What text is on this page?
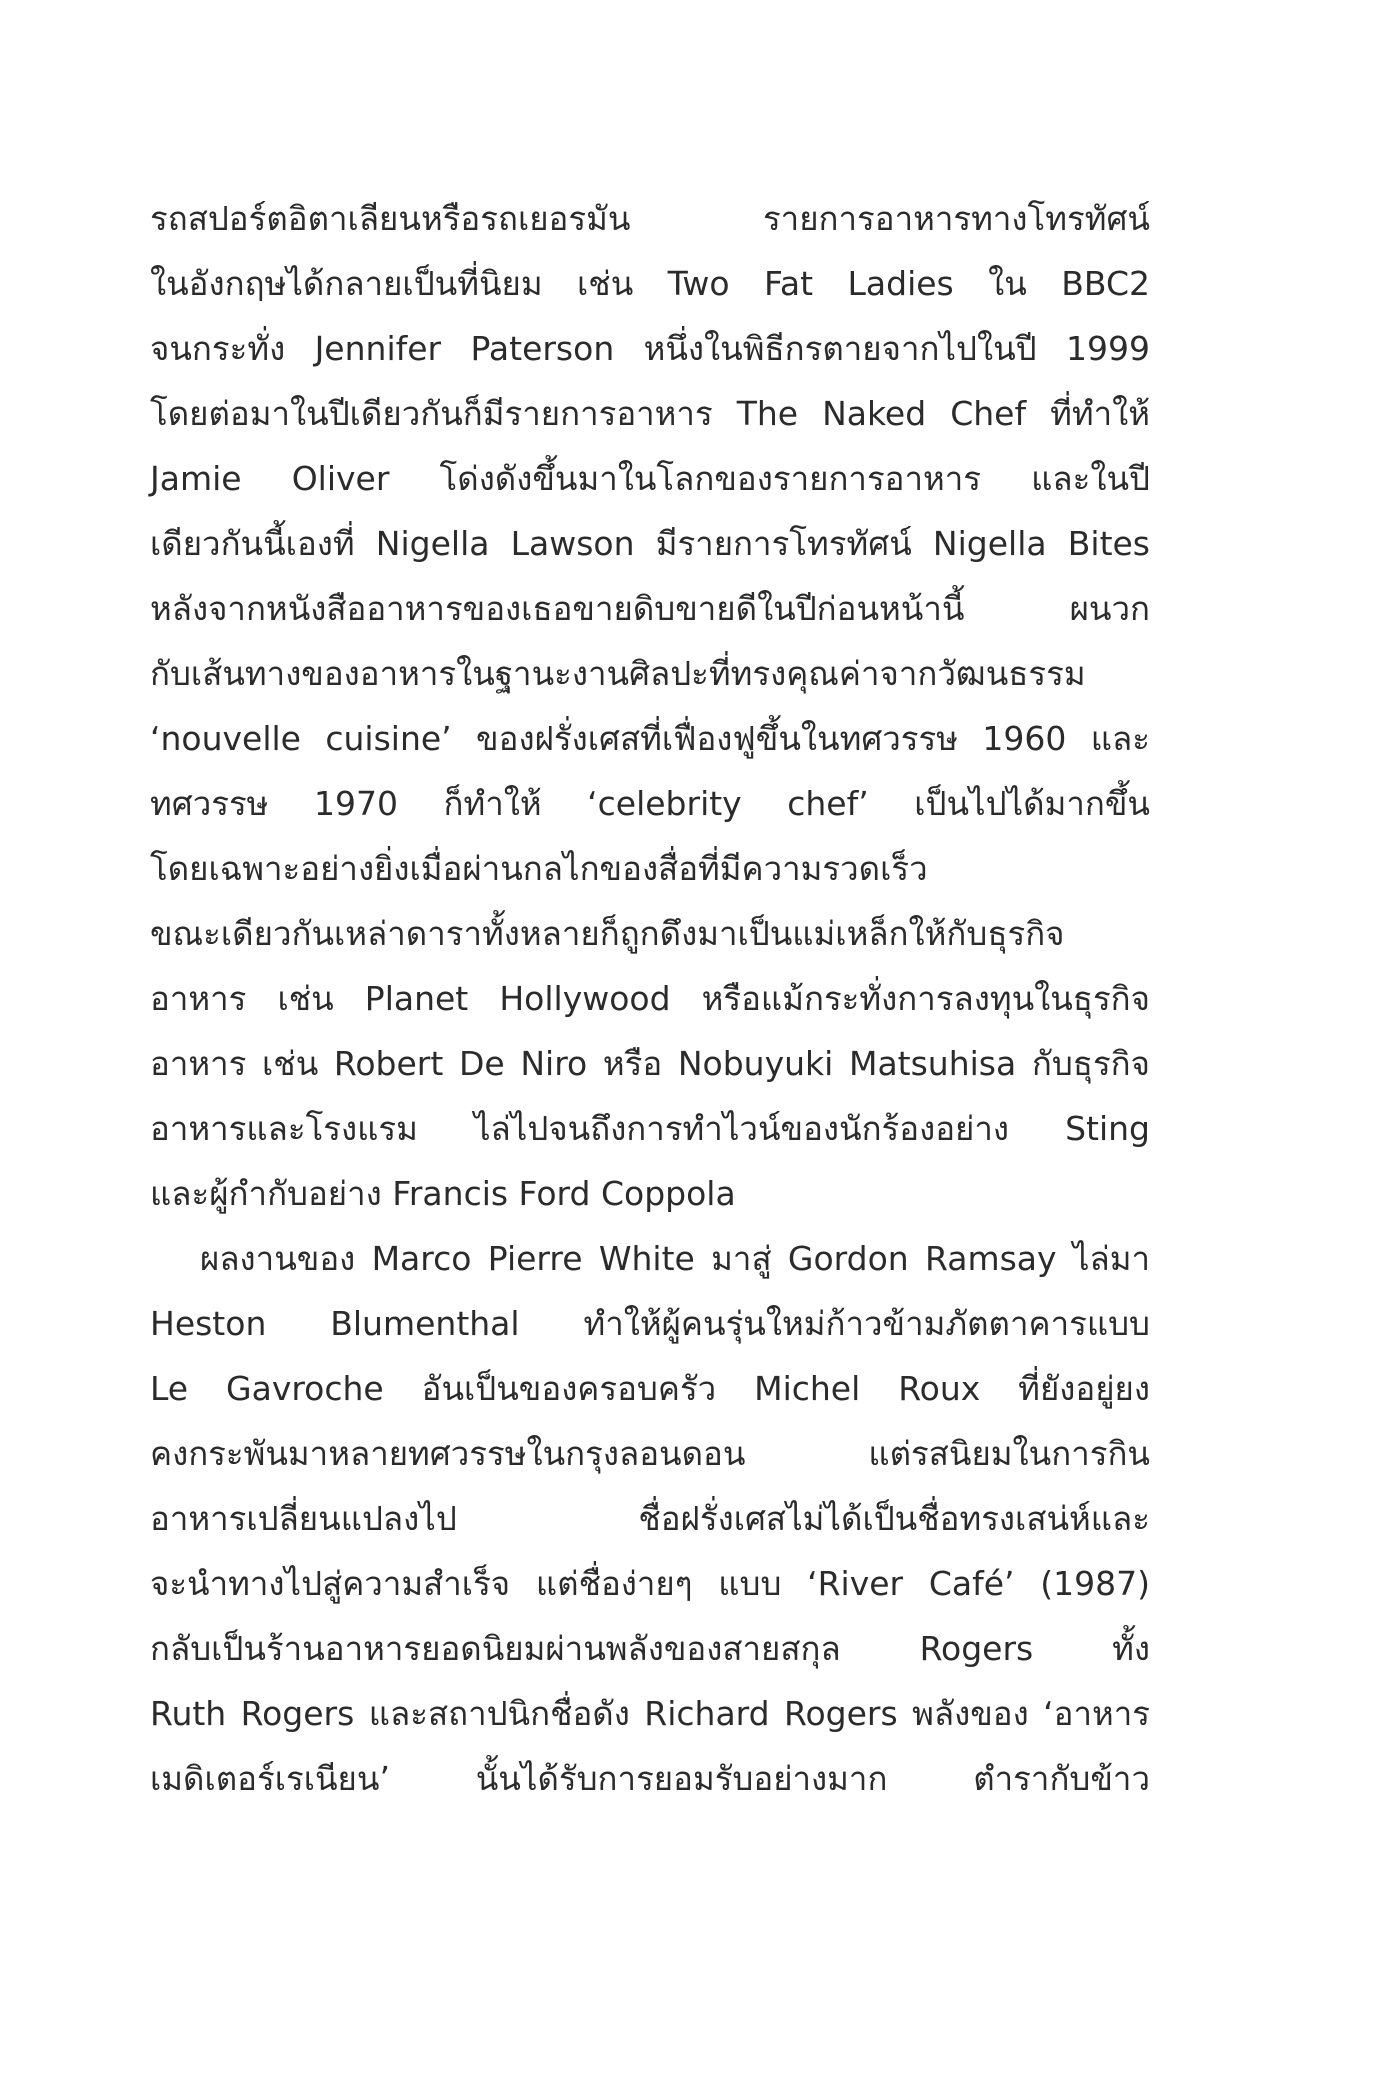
รถสปอร์ตอิตาเลียนหรือรถเยอรมัน รายการอาหารทางโทรทัศน์
ในอังกฤษได้กลายเป็นที่นิยม เช่น Two Fat Ladies ใน BBC2
จนกระทั่ง Jennifer Paterson หนึ่งในพิธีกรตายจากไปในปี 1999
โดยต่อมาในปีเดียวกันก็มีรายการอาหาร The Naked Chef ที่ทำให้
Jamie Oliver โด่งดังขึ้นมาในโลกของรายการอาหาร และในปี
เดียวกันนี้เองที่ Nigella Lawson มีรายการโทรทัศน์ Nigella Bites
หลังจากหนังสืออาหารของเธอขายดิบขายดีในปีก่อนหน้านี้ ผนวก
กับเส้นทางของอาหารในฐานะงานศิลปะที่ทรงคุณค่าจากวัฒนธรรม
‘nouvelle cuisine’ ของฝรั่งเศสที่เฟื่องฟูขึ้นในทศวรรษ 1960 และ
ทศวรรษ 1970 ก็ทำให้ ‘celebrity chef’ เป็นไปได้มากขึ้น
โดยเฉพาะอย่างยิ่งเมื่อผ่านกลไกของสื่อที่มีความรวดเร็ว
ขณะเดียวกันเหล่าดาราทั้งหลายก็ถูกดึงมาเป็นแม่เหล็กให้กับธุรกิจ
อาหาร เช่น Planet Hollywood หรือแม้กระทั่งการลงทุนในธุรกิจ
อาหาร เช่น Robert De Niro หรือ Nobuyuki Matsuhisa กับธุรกิจ
อาหารและโรงแรม ไล่ไปจนถึงการทำไวน์ของนักร้องอย่าง Sting
และผู้กำกับอย่าง Francis Ford Coppola
ผลงานของ Marco Pierre White มาสู่ Gordon Ramsay ไล่มา
Heston Blumenthal ทำให้ผู้คนรุ่นใหม่ก้าวข้ามภัตตาคารแบบ
Le Gavroche อันเป็นของครอบครัว Michel Roux ที่ยังอยู่ยง
คงกระพันมาหลายทศวรรษในกรุงลอนดอน แต่รสนิยมในการกิน
อาหารเปลี่ยนแปลงไป ชื่อฝรั่งเศสไม่ได้เป็นชื่อทรงเสน่ห์และ
จะนำทางไปสู่ความสำเร็จ แต่ชื่อง่ายๆ แบบ ‘River Café’ (1987)
กลับเป็นร้านอาหารยอดนิยมผ่านพลังของสายสกุล Rogers ทั้ง
Ruth Rogers และสถาปนิกชื่อดัง Richard Rogers พลังของ ‘อาหาร
เมดิเตอร์เรเนียน’ นั้นได้รับการยอมรับอย่างมาก ตำรากับข้าว
